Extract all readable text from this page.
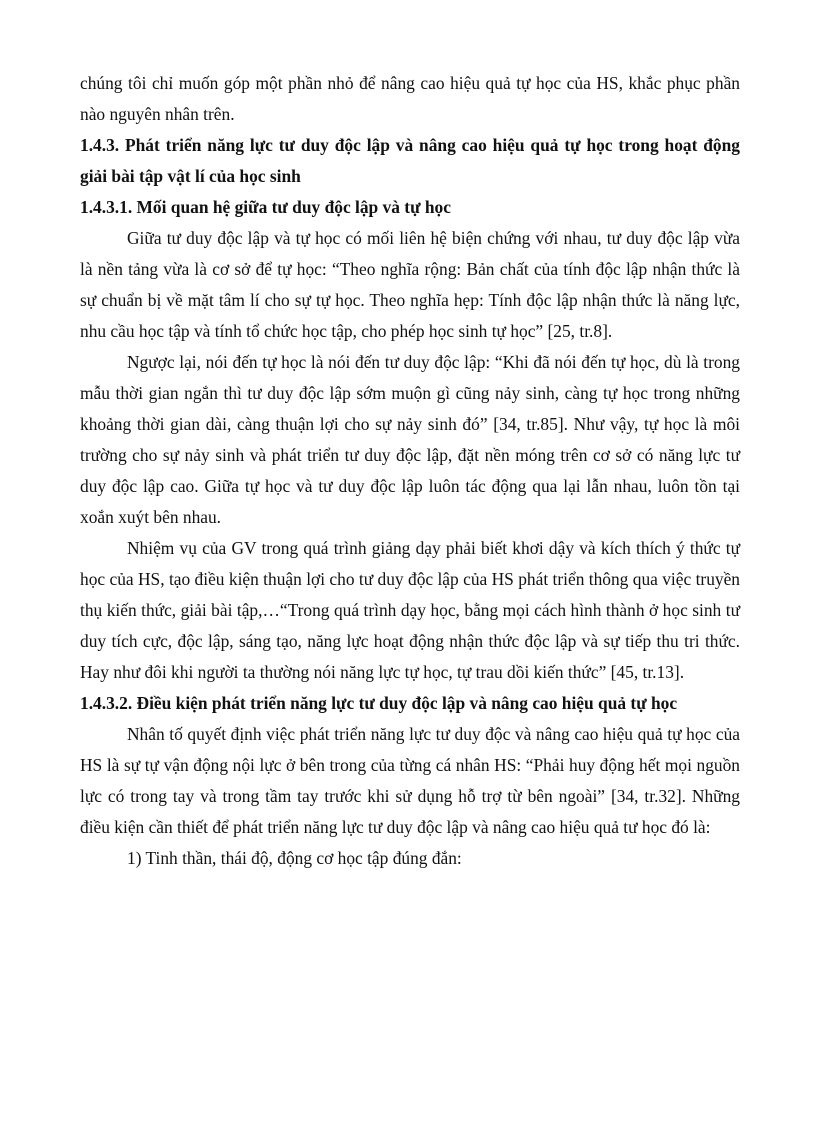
chúng tôi chỉ muốn góp một phần nhỏ để nâng cao hiệu quả tự học của HS, khắc phục phần nào nguyên nhân trên.

1.4.3. Phát triển năng lực tư duy độc lập và nâng cao hiệu quả tự học trong hoạt động giải bài tập vật lí của học sinh

1.4.3.1. Mối quan hệ giữa tư duy độc lập và tự học

Giữa tư duy độc lập và tự học có mối liên hệ biện chứng với nhau, tư duy độc lập vừa là nền tảng vừa là cơ sở để tự học: “Theo nghĩa rộng: Bản chất của tính độc lập nhận thức là sự chuẩn bị về mặt tâm lí cho sự tự học. Theo nghĩa hẹp: Tính độc lập nhận thức là năng lực, nhu cầu học tập và tính tổ chức học tập, cho phép học sinh tự học” [25, tr.8].

Ngược lại, nói đến tự học là nói đến tư duy độc lập: “Khi đã nói đến tự học, dù là trong mẫu thời gian ngắn thì tư duy độc lập sớm muộn gì cũng nảy sinh, càng tự học trong những khoảng thời gian dài, càng thuận lợi cho sự nảy sinh đó” [34, tr.85]. Như vậy, tự học là môi trường cho sự nảy sinh và phát triển tư duy độc lập, đặt nền móng trên cơ sở có năng lực tư duy độc lập cao. Giữa tự học và tư duy độc lập luôn tác động qua lại lẫn nhau, luôn tồn tại xoắn xuýt bên nhau.

Nhiệm vụ của GV trong quá trình giảng dạy phải biết khơi dậy và kích thích ý thức tự học của HS, tạo điều kiện thuận lợi cho tư duy độc lập của HS phát triển thông qua việc truyền thụ kiến thức, giải bài tập,…“Trong quá trình dạy học, bằng mọi cách hình thành ở học sinh tư duy tích cực, độc lập, sáng tạo, năng lực hoạt động nhận thức độc lập và sự tiếp thu tri thức. Hay như đôi khi người ta thường nói năng lực tự học, tự trau dồi kiến thức” [45, tr.13].

1.4.3.2. Điều kiện phát triển năng lực tư duy độc lập và nâng cao hiệu quả tự học

Nhân tố quyết định việc phát triển năng lực tư duy độc và nâng cao hiệu quả tự học của HS là sự tự vận động nội lực ở bên trong của từng cá nhân HS: “Phải huy động hết mọi nguồn lực có trong tay và trong tầm tay trước khi sử dụng hỗ trợ từ bên ngoài” [34, tr.32]. Những điều kiện cần thiết để phát triển năng lực tư duy độc lập và nâng cao hiệu quả tư học đó là:

1) Tinh thần, thái độ, động cơ học tập đúng đắn:
